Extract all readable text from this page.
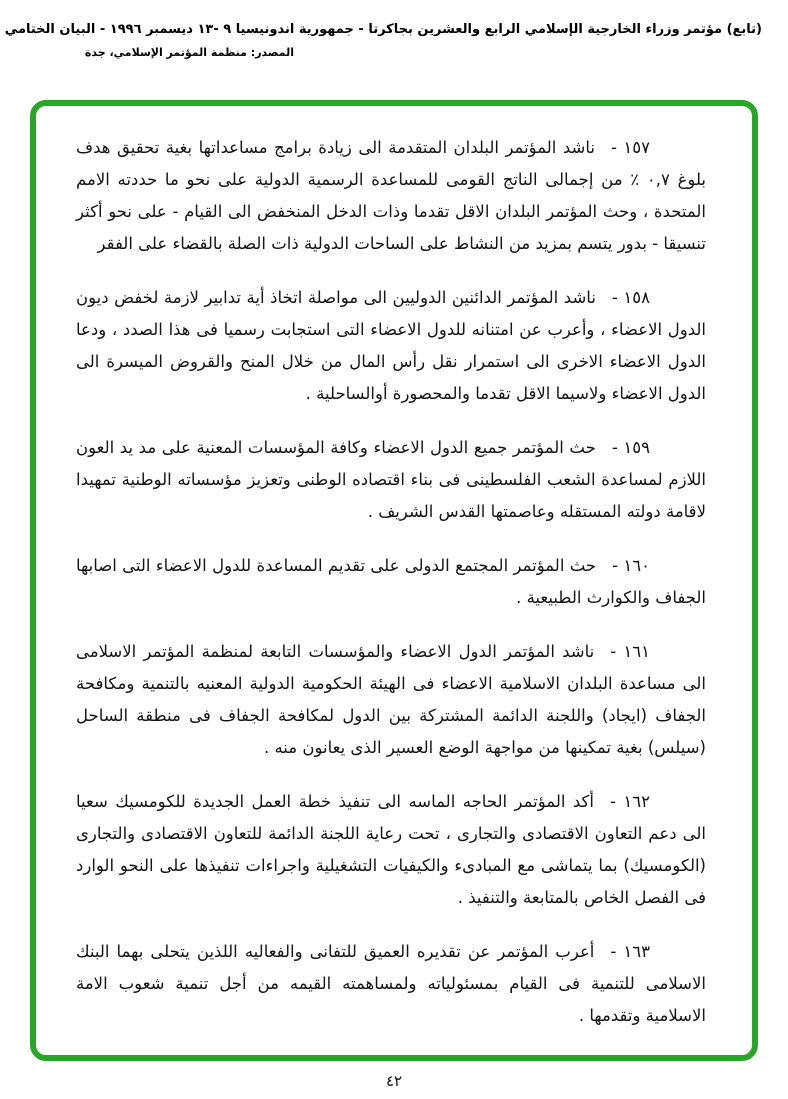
(تابع) مؤتمر وزراء الخارجية الإسلامي الرابع والعشرين بجاكرتا - جمهورية اندونيسيا ٩ -١٣ ديسمبر ١٩٩٦ - البيان الختامي
المصدر: منظمة المؤتمر الإسلامي، جدة

١٥٧ -ناشد المؤتمر البلدان المتقدمة الى زيادة برامج مساعداتها بغية تحقيق هدف بلوغ ٠,٧ ٪ من إجمالى الناتج القومى للمساعدة الرسمية الدولية على نحو ما حددته الامم المتحدة ، وحث المؤتمر البلدان الاقل تقدما وذات الدخل المنخفض الى القيام - على نحو أكثر تنسيقا - بدور يتسم بمزيد من النشاط على الساحات الدولية ذات الصلة بالقضاء على الفقر

١٥٨ -ناشد المؤتمر الدائنين الدوليين الى مواصلة اتخاذ أية تدابير لازمة لخفض ديون الدول الاعضاء ، وأعرب عن امتنانه للدول الاعضاء التى استجابت رسميا فى هذا الصدد ، ودعا الدول الاعضاء الاخرى الى استمرار نقل رأس المال من خلال المنح والقروض الميسرة الى الدول الاعضاء ولاسيما الاقل تقدما والمحصورة أوالساحلية .

١٥٩ -حث المؤتمر جميع الدول الاعضاء وكافة المؤسسات المعنية على مد يد العون اللازم لمساعدة الشعب الفلسطينى فى بناء اقتصاده الوطنى وتعزيز مؤسساته الوطنية تمهيدا لاقامة دولته المستقله وعاصمتها القدس الشريف .

١٦٠ -حث المؤتمر المجتمع الدولى على تقديم المساعدة للدول الاعضاء التى اصابها الجفاف والكوارث الطبيعية .

١٦١ -ناشد المؤتمر الدول الاعضاء والمؤسسات التابعة لمنظمة المؤتمر الاسلامى الى مساعدة البلدان الاسلامية الاعضاء فى الهيئة الحكومية الدولية المعنيه بالتنمية ومكافحة الجفاف (ايجاد) واللجنة الدائمة المشتركة بين الدول لمكافحة الجفاف فى منطقة الساحل (سيلس) بغية تمكينها من مواجهة الوضع العسير الذى يعانون منه .

١٦٢ -أكد المؤتمر الحاجه الماسه الى تنفيذ خطة العمل الجديدة للكومسيك سعيا الى دعم التعاون الاقتصادى والتجارى ، تحت رعاية اللجنة الدائمة للتعاون الاقتصادى والتجارى (الكومسيك) بما يتماشى مع المبادىء والكيفيات التشغيلية واجراءات تنفيذها على النحو الوارد فى الفصل الخاص بالمتابعة والتنفيذ .

١٦٣ -أعرب المؤتمر عن تقديره العميق للتفانى والفعاليه اللذين يتحلى بهما البنك الاسلامى للتنمية فى القيام بمسئولياته ولمساهمته القيمه من أجل تنمية شعوب الامة الاسلامية وتقدمها .

٤٢
